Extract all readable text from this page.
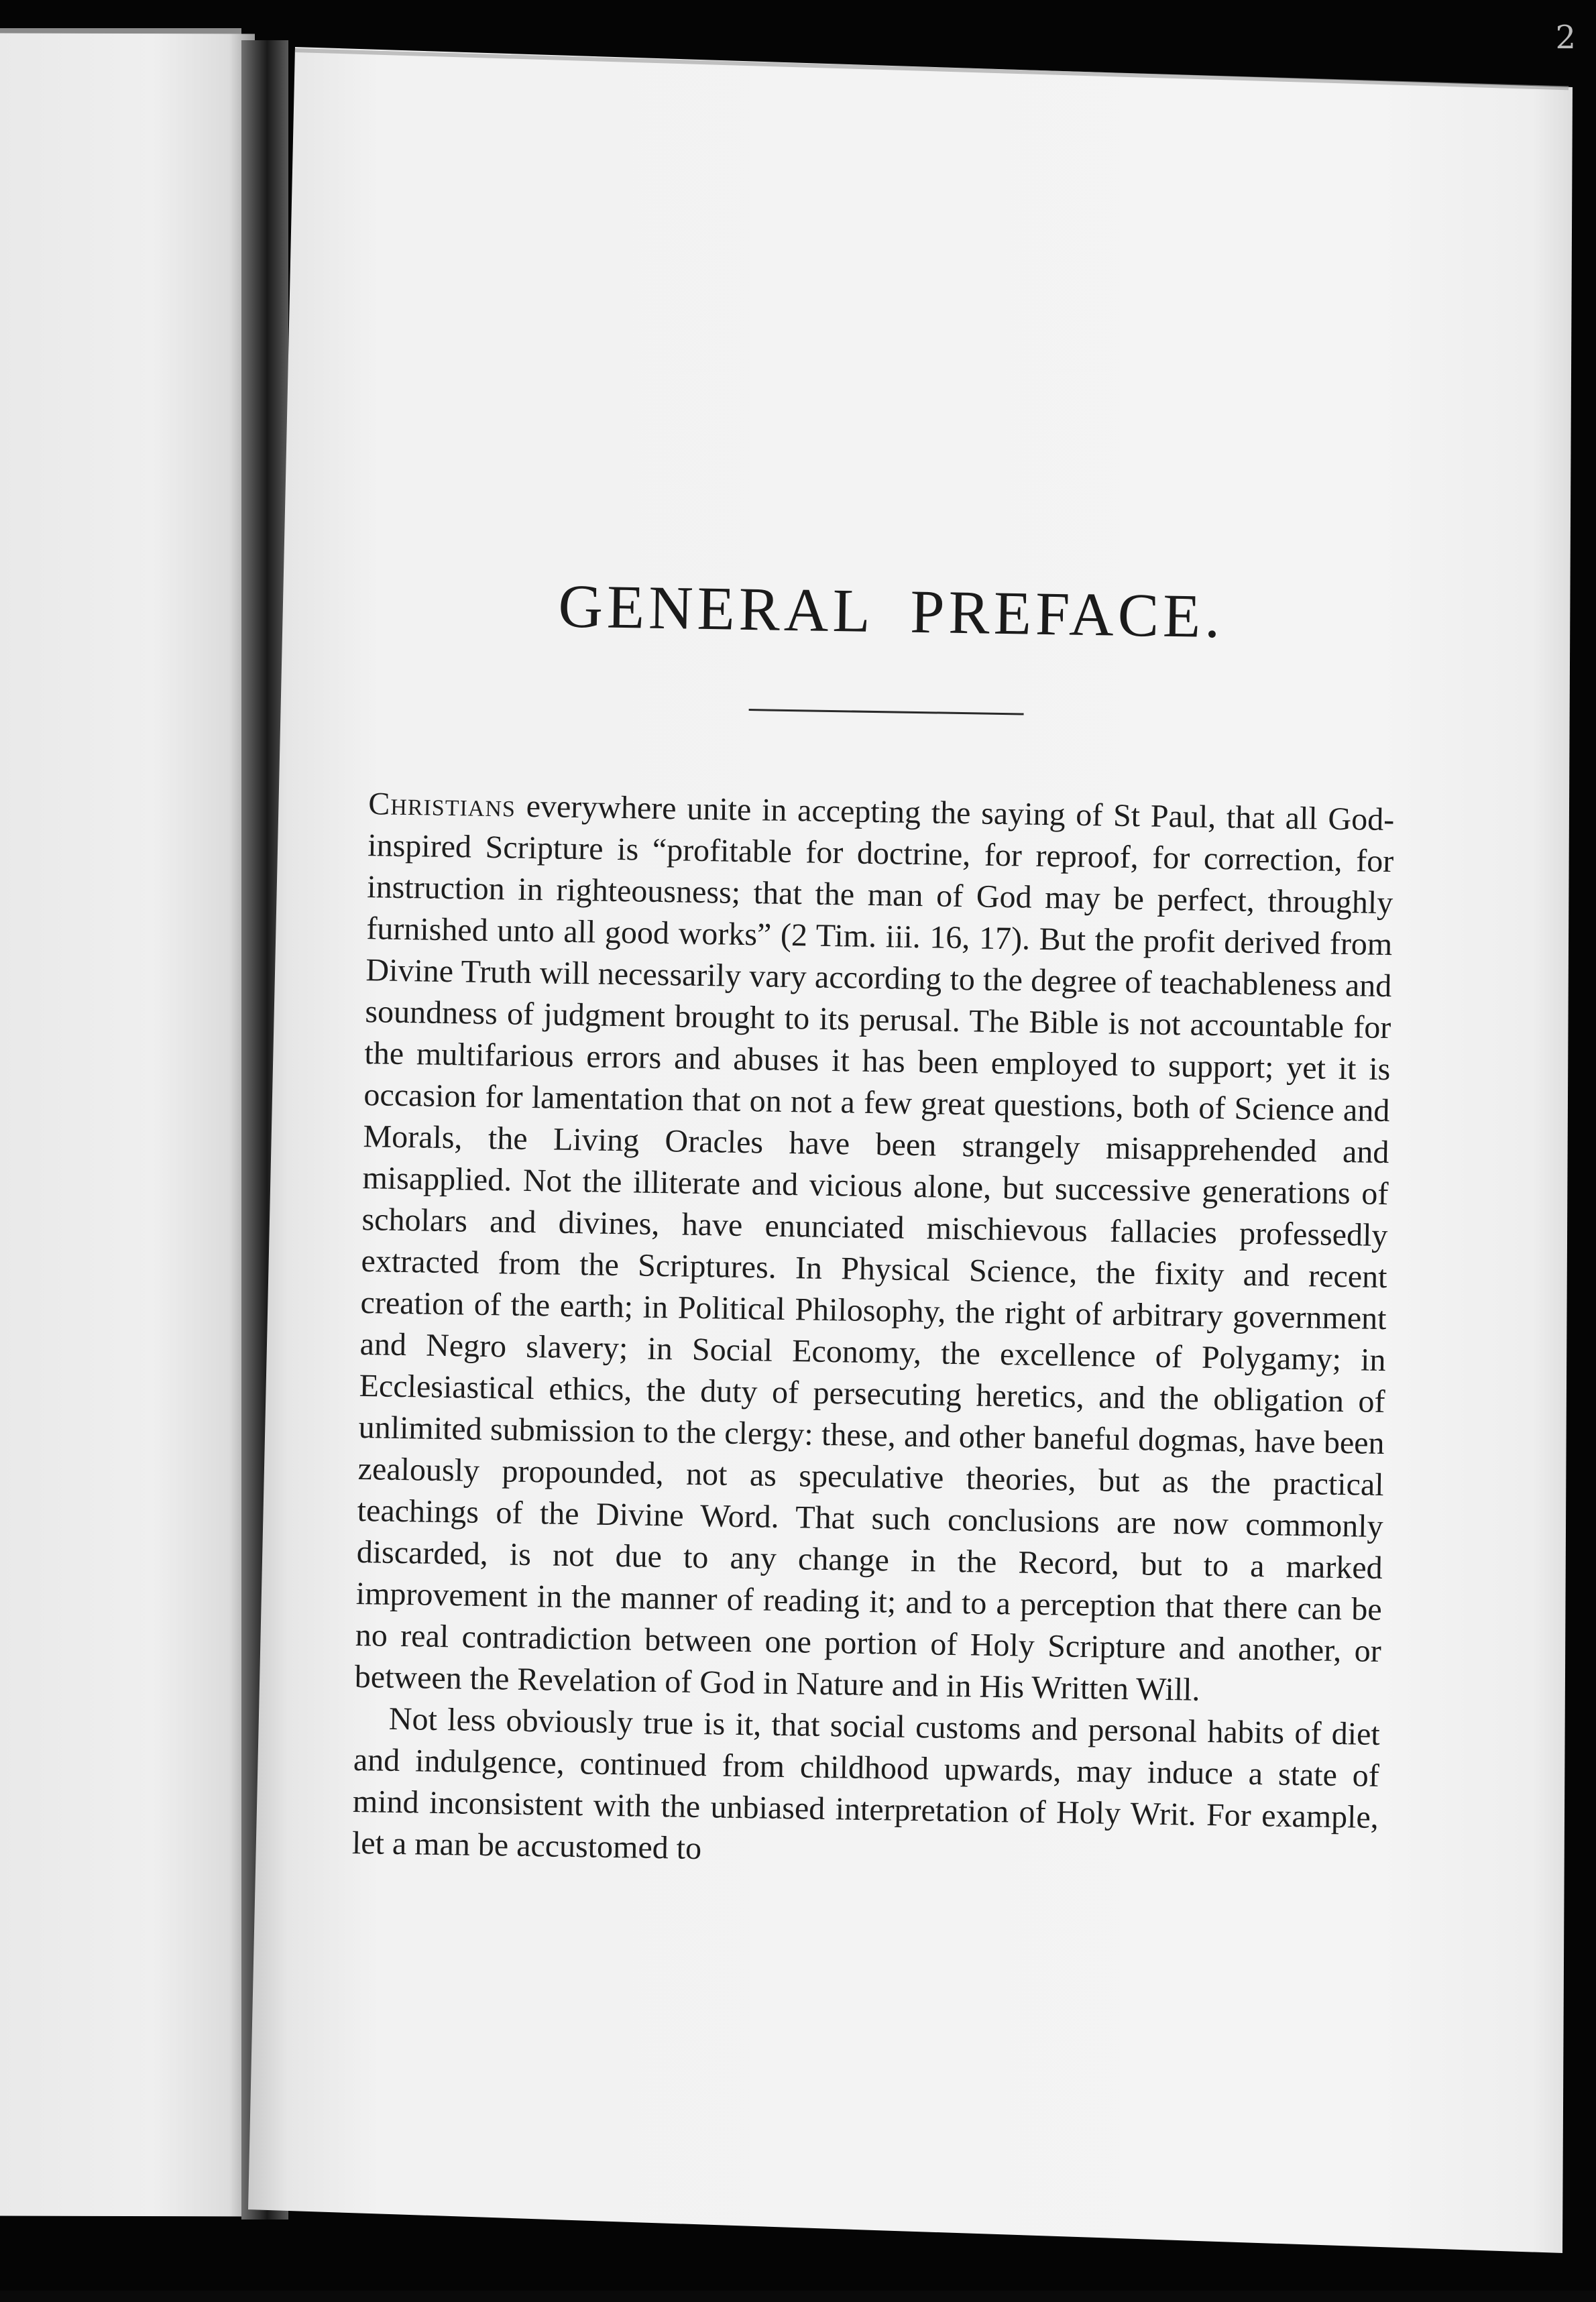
2
GENERAL PREFACE.

Christians everywhere unite in accepting the saying of St Paul, that all God-inspired Scripture is “profitable for doctrine, for reproof, for correction, for instruction in righteousness; that the man of God may be perfect, throughly furnished unto all good works” (2 Tim. iii. 16, 17). But the profit derived from Divine Truth will necessarily vary according to the degree of teachableness and soundness of judgment brought to its perusal. The Bible is not accountable for the multifarious errors and abuses it has been employed to support; yet it is occasion for lamentation that on not a few great questions, both of Science and Morals, the Living Oracles have been strangely misapprehended and misapplied. Not the illiterate and vicious alone, but successive generations of scholars and divines, have enunciated mischievous fallacies professedly extracted from the Scriptures. In Physical Science, the fixity and recent creation of the earth; in Political Philosophy, the right of arbitrary government and Negro slavery; in Social Economy, the excellence of Polygamy; in Ecclesiastical ethics, the duty of persecuting heretics, and the obligation of unlimited submission to the clergy: these, and other baneful dogmas, have been zealously propounded, not as speculative theories, but as the practical teachings of the Divine Word. That such conclusions are now commonly discarded, is not due to any change in the Record, but to a marked improvement in the manner of reading it; and to a perception that there can be no real contradiction between one portion of Holy Scripture and another, or between the Revelation of God in Nature and in His Written Will.

Not less obviously true is it, that social customs and personal habits of diet and indulgence, continued from childhood upwards, may induce a state of mind inconsistent with the unbiased interpretation of Holy Writ. For example, let a man be accustomed to
